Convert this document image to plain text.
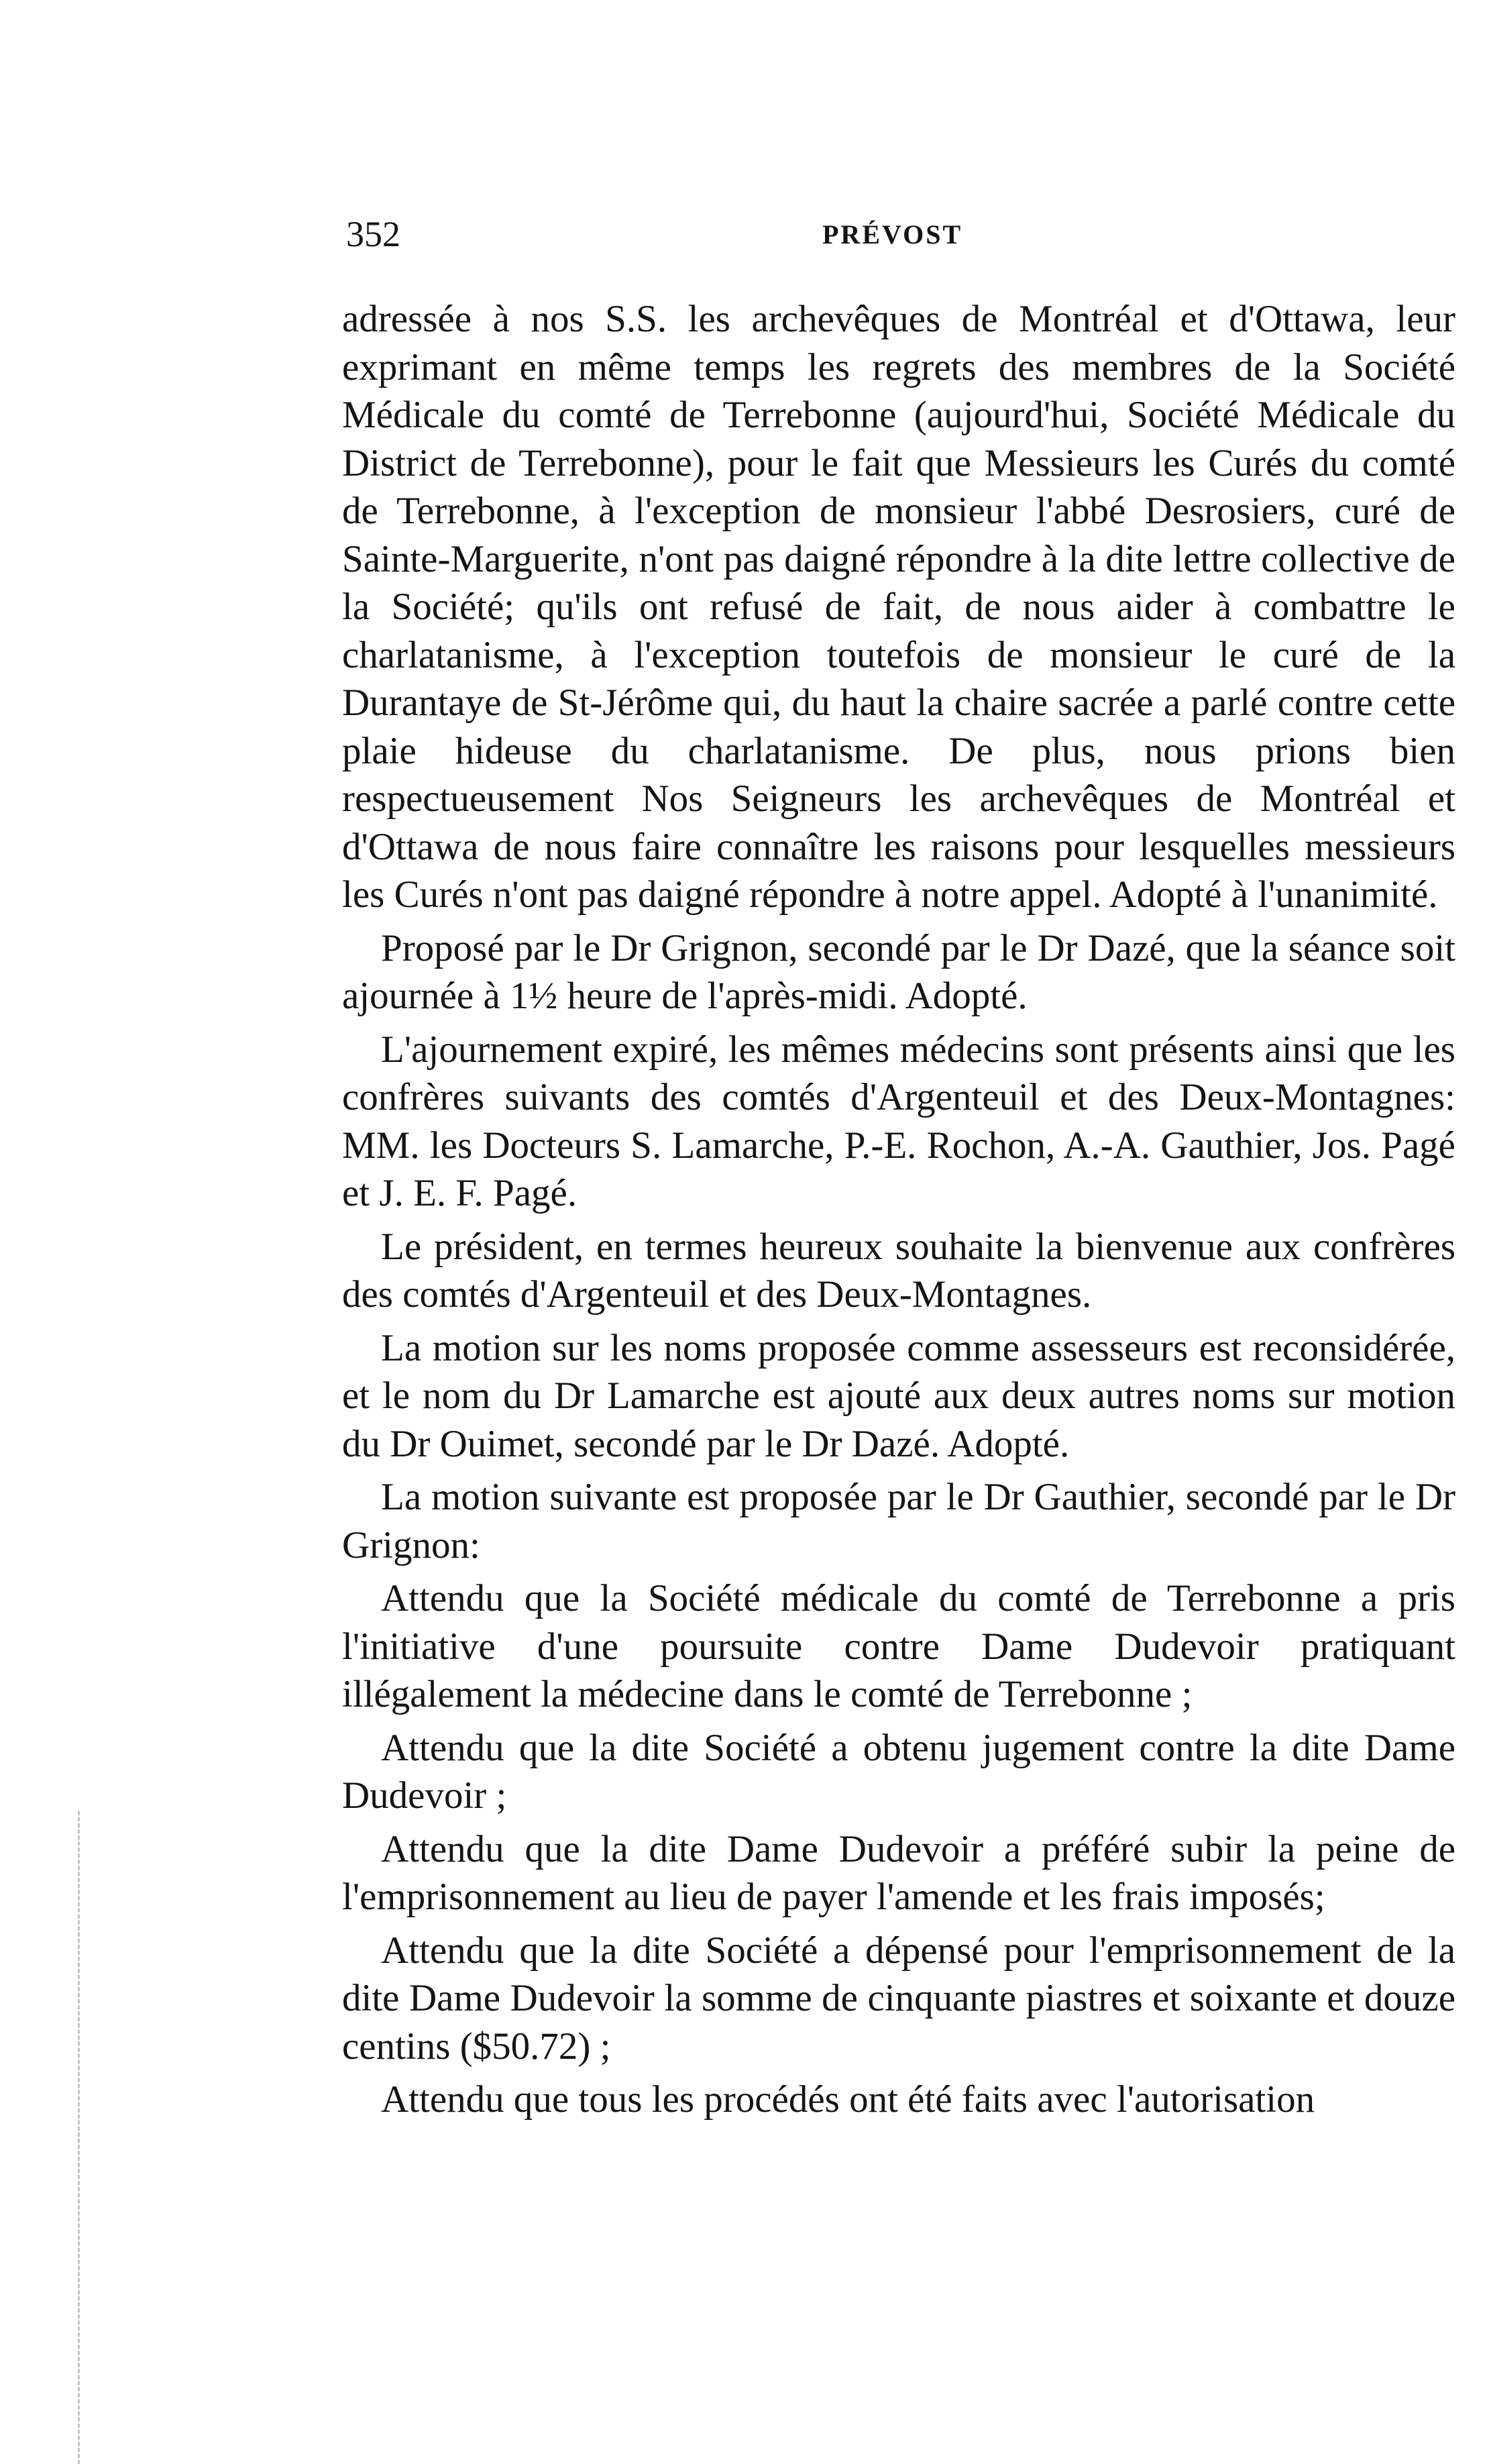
352	PRÉVOST

adressée à nos S.S. les archevêques de Montréal et d'Ottawa, leur exprimant en même temps les regrets des membres de la Société Médicale du comté de Terrebonne (aujourd'hui, Société Médicale du District de Terrebonne), pour le fait que Messieurs les Curés du comté de Terrebonne, à l'exception de monsieur l'abbé Desrosiers, curé de Sainte-Marguerite, n'ont pas daigné répondre à la dite lettre collective de la Société; qu'ils ont refusé de fait, de nous aider à combattre le charlatanisme, à l'exception toutefois de monsieur le curé de la Durantaye de St-Jérôme qui, du haut la chaire sacrée a parlé contre cette plaie hideuse du charlatanisme. De plus, nous prions bien respectueusement Nos Seigneurs les archevêques de Montréal et d'Ottawa de nous faire connaître les raisons pour lesquelles messieurs les Curés n'ont pas daigné répondre à notre appel. Adopté à l'unanimité.

Proposé par le Dr Grignon, secondé par le Dr Dazé, que la séance soit ajournée à 1½ heure de l'après-midi. Adopté.

L'ajournement expiré, les mêmes médecins sont présents ainsi que les confrères suivants des comtés d'Argenteuil et des Deux-Montagnes: MM. les Docteurs S. Lamarche, P.-E. Rochon, A.-A. Gauthier, Jos. Pagé et J. E. F. Pagé.

Le président, en termes heureux souhaite la bienvenue aux confrères des comtés d'Argenteuil et des Deux-Montagnes.

La motion sur les noms proposée comme assesseurs est reconsidérée, et le nom du Dr Lamarche est ajouté aux deux autres noms sur motion du Dr Ouimet, secondé par le Dr Dazé. Adopté.

La motion suivante est proposée par le Dr Gauthier, secondé par le Dr Grignon:

Attendu que la Société médicale du comté de Terrebonne a pris l'initiative d'une poursuite contre Dame Dudevoir pratiquant illégalement la médecine dans le comté de Terrebonne ;

Attendu que la dite Société a obtenu jugement contre la dite Dame Dudevoir ;

Attendu que la dite Dame Dudevoir a préféré subir la peine de l'emprisonnement au lieu de payer l'amende et les frais imposés;

Attendu que la dite Société a dépensé pour l'emprisonnement de la dite Dame Dudevoir la somme de cinquante piastres et soixante et douze centins ($50.72) ;

Attendu que tous les procédés ont été faits avec l'autorisation
